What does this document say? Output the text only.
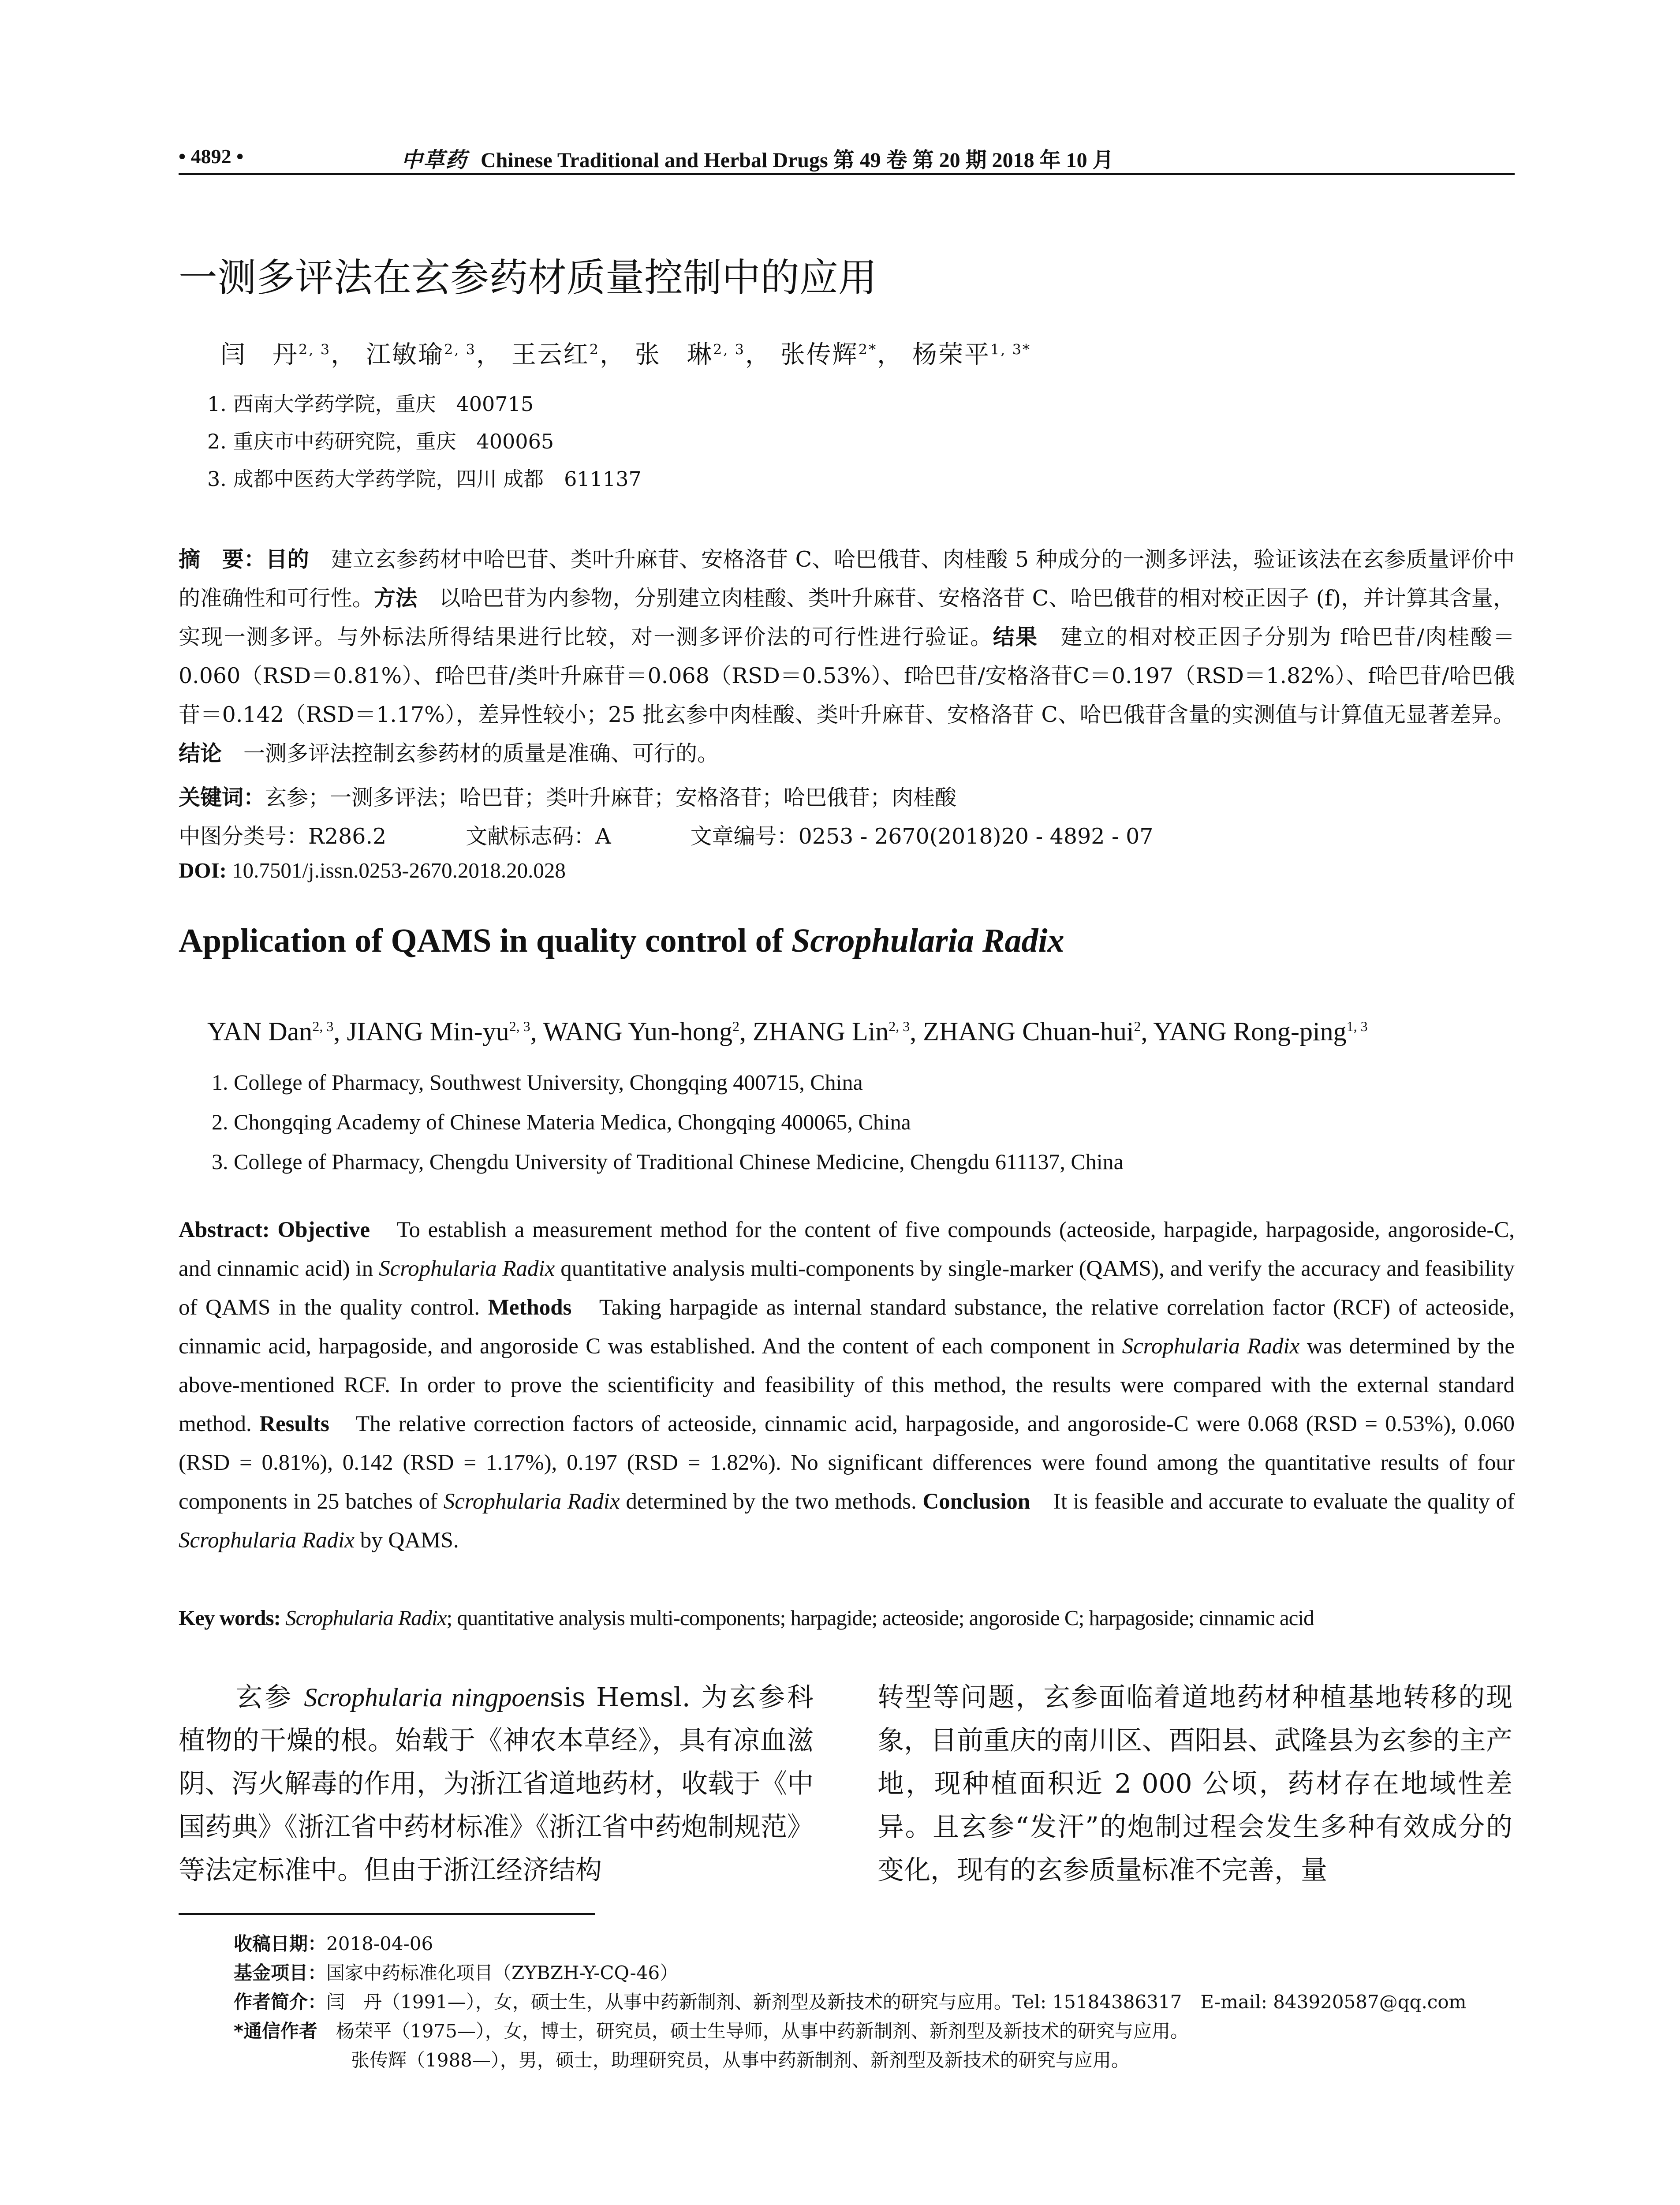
• 4892 •	中草药 Chinese Traditional and Herbal Drugs 第 49 卷 第 20 期 2018 年 10 月
一测多评法在玄参药材质量控制中的应用
闫　丹$^{2, 3}$， 江敏瑜$^{2, 3}$， 王云红$^2$， 张　琳$^{2, 3}$， 张传辉$^{2*}$， 杨荣平$^{1, 3*}$
1. 西南大学药学院，重庆　400715
2. 重庆市中药研究院，重庆　400065
3. 成都中医药大学药学院，四川 成都　611137

摘　要：目的　建立玄参药材中哈巴苷、类叶升麻苷、安格洛苷 C、哈巴俄苷、肉桂酸 5 种成分的一测多评法，验证该法在玄参质量评价中的准确性和可行性。方法　以哈巴苷为内参物，分别建立肉桂酸、类叶升麻苷、安格洛苷 C、哈巴俄苷的相对校正因子 (f)，并计算其含量，实现一测多评。与外标法所得结果进行比较，对一测多评价法的可行性进行验证。结果　建立的相对校正因子分别为 f哈巴苷/肉桂酸＝0.060（RSD＝0.81%）、f哈巴苷/类叶升麻苷＝0.068（RSD＝0.53%）、f哈巴苷/安格洛苷C＝0.197（RSD＝1.82%）、f哈巴苷/哈巴俄苷＝0.142（RSD＝1.17%），差异性较小；25 批玄参中肉桂酸、类叶升麻苷、安格洛苷 C、哈巴俄苷含量的实测值与计算值无显著差异。结论　一测多评法控制玄参药材的质量是准确、可行的。

关键词：玄参；一测多评法；哈巴苷；类叶升麻苷；安格洛苷；哈巴俄苷；肉桂酸
中图分类号：R286.2	文献标志码：A	文章编号：0253 - 2670(2018)20 - 4892 - 07
DOI: 10.7501/j.issn.0253-2670.2018.20.028
Application of QAMS in quality control of Scrophularia Radix
YAN Dan$^{2, 3}$, JIANG Min-yu$^{2, 3}$, WANG Yun-hong$^2$, ZHANG Lin$^{2, 3}$, ZHANG Chuan-hui$^2$, YANG Rong-ping$^{1, 3}$
1. College of Pharmacy, Southwest University, Chongqing 400715, China
2. Chongqing Academy of Chinese Materia Medica, Chongqing 400065, China
3. College of Pharmacy, Chengdu University of Traditional Chinese Medicine, Chengdu 611137, China

Abstract: Objective　To establish a measurement method for the content of five compounds (acteoside, harpagide, harpagoside, angoroside-C, and cinnamic acid) in Scrophularia Radix quantitative analysis multi-components by single-marker (QAMS), and verify the accuracy and feasibility of QAMS in the quality control. Methods　Taking harpagide as internal standard substance, the relative correlation factor (RCF) of acteoside, cinnamic acid, harpagoside, and angoroside C was established. And the content of each component in Scrophularia Radix was determined by the above-mentioned RCF. In order to prove the scientificity and feasibility of this method, the results were compared with the external standard method. Results　The relative correction factors of acteoside, cinnamic acid, harpagoside, and angoroside-C were 0.068 (RSD = 0.53%), 0.060 (RSD = 0.81%), 0.142 (RSD = 1.17%), 0.197 (RSD = 1.82%). No significant differences were found among the quantitative results of four components in 25 batches of Scrophularia Radix determined by the two methods. Conclusion　It is feasible and accurate to evaluate the quality of Scrophularia Radix by QAMS.

Key words: Scrophularia Radix; quantitative analysis multi-components; harpagide; acteoside; angoroside C; harpagoside; cinnamic acid

玄参 Scrophularia ningpoensis Hemsl. 为玄参科植物的干燥的根。始载于《神农本草经》，具有凉血滋阴、泻火解毒的作用，为浙江省道地药材，收载于《中国药典》《浙江省中药材标准》《浙江省中药炮制规范》等法定标准中。但由于浙江经济结构

转型等问题，玄参面临着道地药材种植基地转移的现象，目前重庆的南川区、酉阳县、武隆县为玄参的主产地，现种植面积近 2 000 公顷，药材存在地域性差异。且玄参“发汗”的炮制过程会发生多种有效成分的变化，现有的玄参质量标准不完善，量

收稿日期：2018-04-06
基金项目：国家中药标准化项目（ZYBZH-Y-CQ-46）
作者简介：闫　丹（1991—），女，硕士生，从事中药新制剂、新剂型及新技术的研究与应用。Tel: 15184386317　E-mail: 843920587@qq.com
*通信作者　杨荣平（1975—），女，博士，研究员，硕士生导师，从事中药新制剂、新剂型及新技术的研究与应用。
张传辉（1988—），男，硕士，助理研究员，从事中药新制剂、新剂型及新技术的研究与应用。
